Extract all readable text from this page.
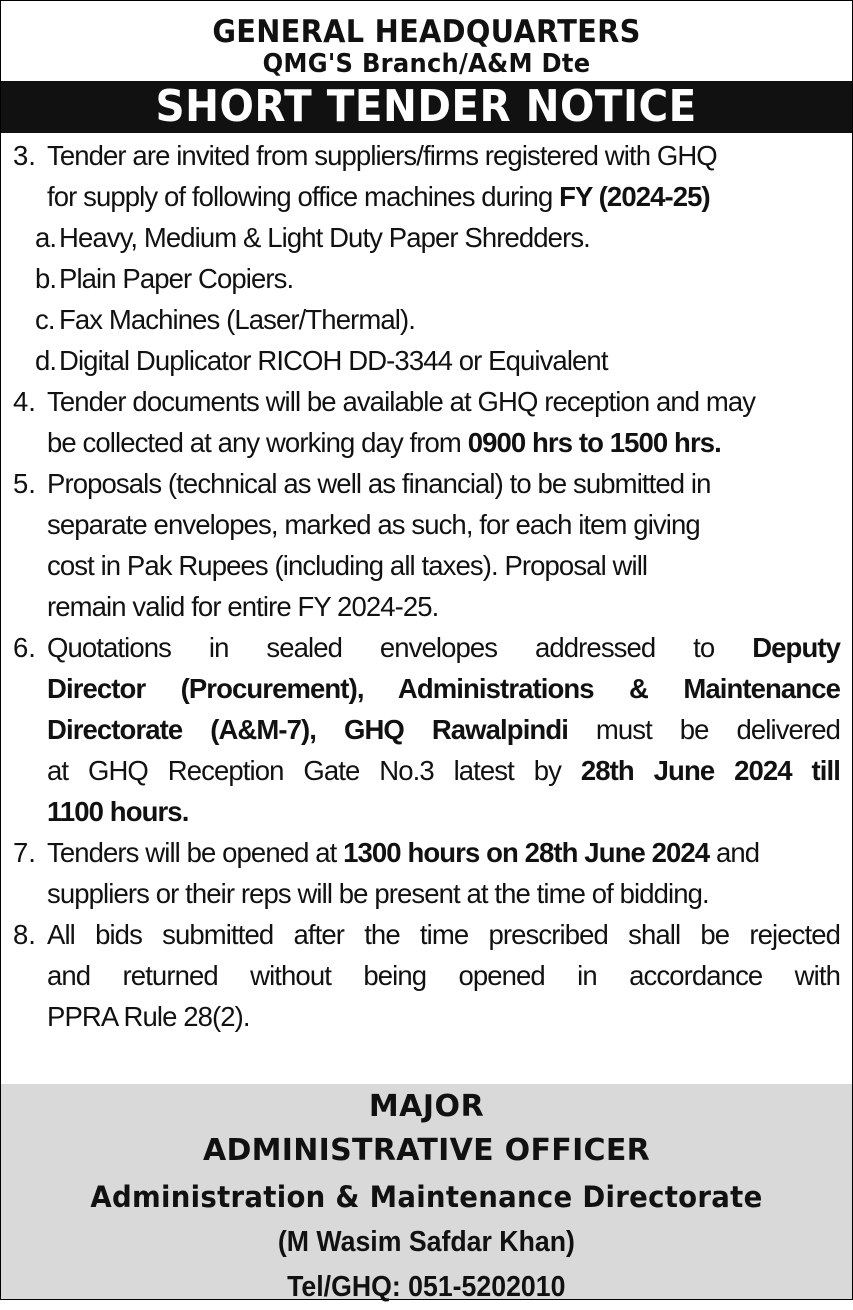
GENERAL HEADQUARTERS
QMG'S Branch/A&M Dte
SHORT TENDER NOTICE
3. Tender are invited from suppliers/firms registered with GHQ
for supply of following office machines during FY (2024-25)
a. Heavy, Medium & Light Duty Paper Shredders.
b. Plain Paper Copiers.
c. Fax Machines (Laser/Thermal).
d. Digital Duplicator RICOH DD-3344 or Equivalent
4. Tender documents will be available at GHQ reception and may
be collected at any working day from 0900 hrs to 1500 hrs.
5. Proposals (technical as well as financial) to be submitted in
separate envelopes, marked as such, for each item giving
cost in Pak Rupees (including all taxes). Proposal will
remain valid for entire FY 2024-25.
6. Quotations in sealed envelopes addressed to Deputy
Director (Procurement), Administrations & Maintenance
Directorate (A&M-7), GHQ Rawalpindi must be delivered
at GHQ Reception Gate No.3 latest by 28th June 2024 till
1100 hours.
7. Tenders will be opened at 1300 hours on 28th June 2024 and
suppliers or their reps will be present at the time of bidding.
8. All bids submitted after the time prescribed shall be rejected
and returned without being opened in accordance with
PPRA Rule 28(2).
MAJOR
ADMINISTRATIVE OFFICER
Administration & Maintenance Directorate
(M Wasim Safdar Khan)
Tel/GHQ: 051-5202010
